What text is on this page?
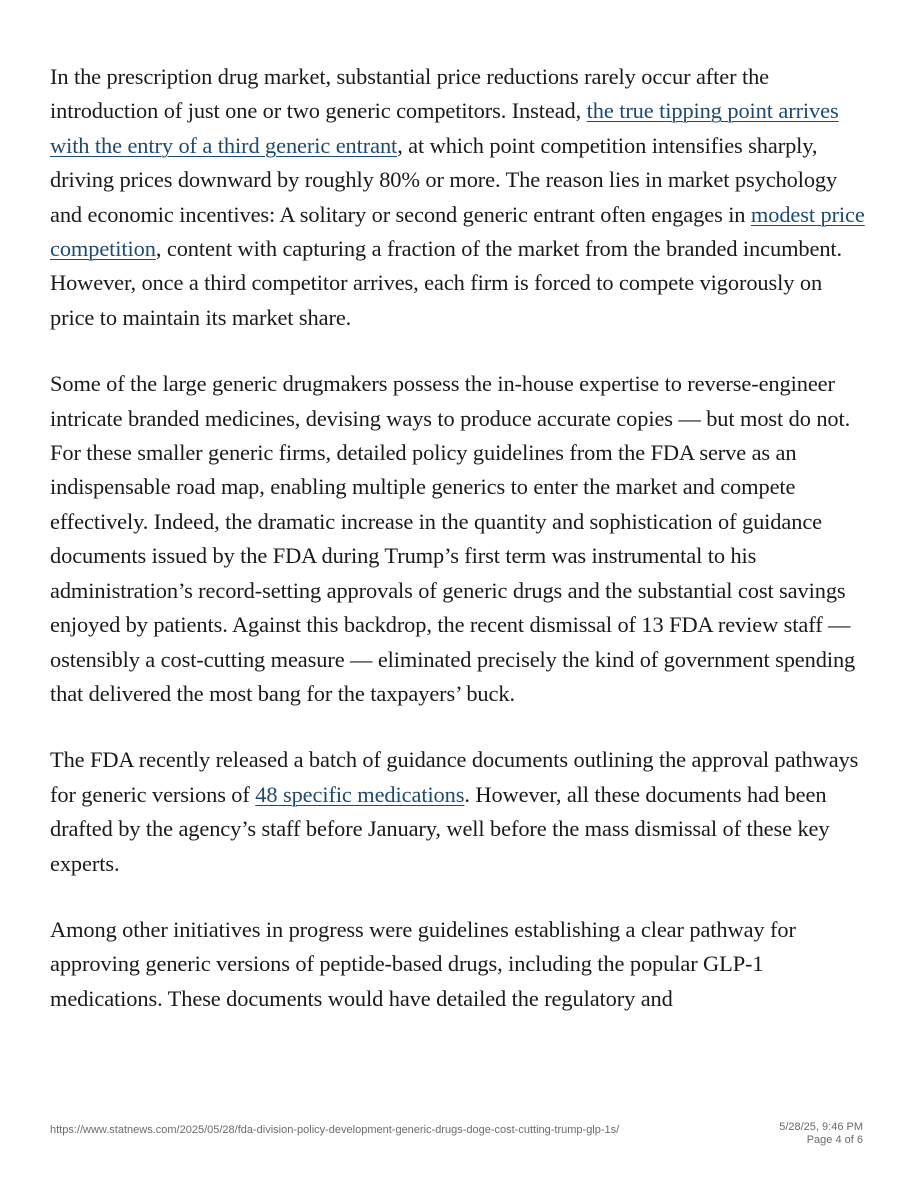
In the prescription drug market, substantial price reductions rarely occur after the introduction of just one or two generic competitors. Instead, the true tipping point arrives with the entry of a third generic entrant, at which point competition intensifies sharply, driving prices downward by roughly 80% or more. The reason lies in market psychology and economic incentives: A solitary or second generic entrant often engages in modest price competition, content with capturing a fraction of the market from the branded incumbent. However, once a third competitor arrives, each firm is forced to compete vigorously on price to maintain its market share.

Some of the large generic drugmakers possess the in-house expertise to reverse-engineer intricate branded medicines, devising ways to produce accurate copies — but most do not. For these smaller generic firms, detailed policy guidelines from the FDA serve as an indispensable road map, enabling multiple generics to enter the market and compete effectively. Indeed, the dramatic increase in the quantity and sophistication of guidance documents issued by the FDA during Trump’s first term was instrumental to his administration’s record-setting approvals of generic drugs and the substantial cost savings enjoyed by patients. Against this backdrop, the recent dismissal of 13 FDA review staff — ostensibly a cost-cutting measure — eliminated precisely the kind of government spending that delivered the most bang for the taxpayers’ buck.

The FDA recently released a batch of guidance documents outlining the approval pathways for generic versions of 48 specific medications. However, all these documents had been drafted by the agency’s staff before January, well before the mass dismissal of these key experts.

Among other initiatives in progress were guidelines establishing a clear pathway for approving generic versions of peptide-based drugs, including the popular GLP-1 medications. These documents would have detailed the regulatory and

https://www.statnews.com/2025/05/28/fda-division-policy-development-generic-drugs-doge-cost-cutting-trump-glp-1s/	5/28/25, 9:46 PM
Page 4 of 6
